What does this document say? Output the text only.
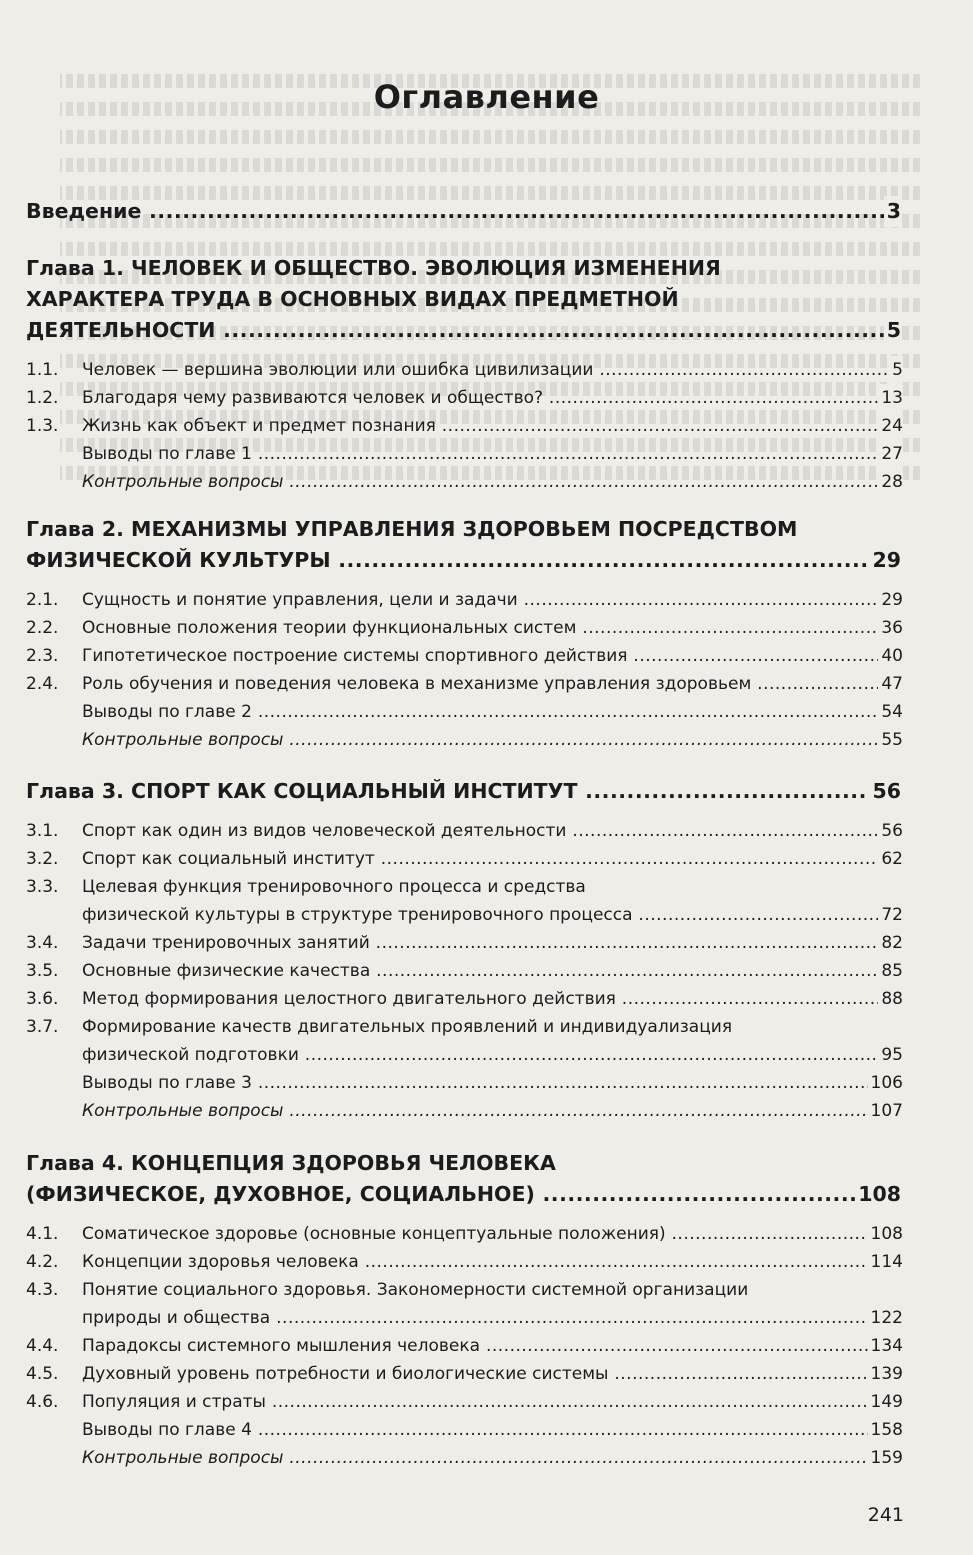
Оглавление
Введение .....	3
Глава 1. ЧЕЛОВЕК И ОБЩЕСТВО. ЭВОЛЮЦИЯ ИЗМЕНЕНИЯ
ХАРАКТЕРА ТРУДА В ОСНОВНЫХ ВИДАХ ПРЕДМЕТНОЙ
ДЕЯТЕЛЬНОСТИ .....	5
1.1. Человек — вершина эволюции или ошибка цивилизации .....	5
1.2. Благодаря чему развиваются человек и общество? .....	13
1.3. Жизнь как объект и предмет познания .....	24
Выводы по главе 1 .....	27
Контрольные вопросы .....	28
Глава 2. МЕХАНИЗМЫ УПРАВЛЕНИЯ ЗДОРОВЬЕМ ПОСРЕДСТВОМ
ФИЗИЧЕСКОЙ КУЛЬТУРЫ .....	29
2.1. Сущность и понятие управления, цели и задачи .....	29
2.2. Основные положения теории функциональных систем .....	36
2.3. Гипотетическое построение системы спортивного действия .....	40
2.4. Роль обучения и поведения человека в механизме управления здоровьем .....	47
Выводы по главе 2 .....	54
Контрольные вопросы .....	55
Глава 3. СПОРТ КАК СОЦИАЛЬНЫЙ ИНСТИТУТ .....	56
3.1. Спорт как один из видов человеческой деятельности .....	56
3.2. Спорт как социальный институт .....	62
3.3. Целевая функция тренировочного процесса и средства
физической культуры в структуре тренировочного процесса .....	72
3.4. Задачи тренировочных занятий .....	82
3.5. Основные физические качества .....	85
3.6. Метод формирования целостного двигательного действия .....	88
3.7. Формирование качеств двигательных проявлений и индивидуализация
физической подготовки .....	95
Выводы по главе 3 .....	106
Контрольные вопросы .....	107
Глава 4. КОНЦЕПЦИЯ ЗДОРОВЬЯ ЧЕЛОВЕКА
(ФИЗИЧЕСКОЕ, ДУХОВНОЕ, СОЦИАЛЬНОЕ) .....	108
4.1. Соматическое здоровье (основные концептуальные положения) .....	108
4.2. Концепции здоровья человека .....	114
4.3. Понятие социального здоровья. Закономерности системной организации
природы и общества .....	122
4.4. Парадоксы системного мышления человека .....	134
4.5. Духовный уровень потребности и биологические системы .....	139
4.6. Популяция и страты .....	149
Выводы по главе 4 .....	158
Контрольные вопросы .....	159
241
